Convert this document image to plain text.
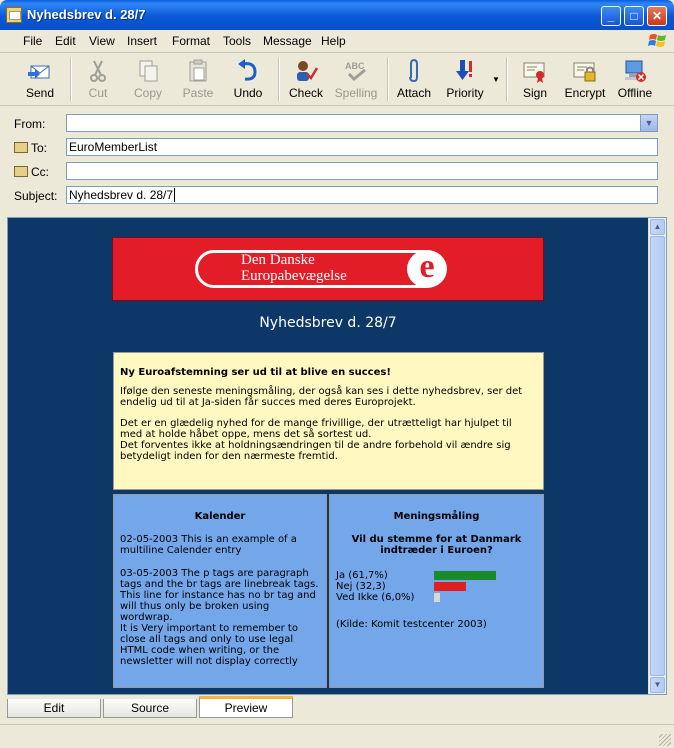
Nyhedsbrev d. 28/7	_	□	✕
File Edit View Insert Format Tools Message Help
Send	Cut	Copy	Paste	Undo	Check
ABC
Spelling Attach Priority
▼
Sign	Encrypt	Offline
From:

	▼

To: EuroMemberList
Cc:
Subject: Nyhedsbrev d. 28/7
Den Danske
Europabevægelse	e
Nyhedsbrev d. 28/7
Ny Euroafstemning ser ud til at blive en succes!

Ifølge den seneste meningsmåling, der også kan ses i dette nyhedsbrev, ser det endelig ud til at Ja-siden får succes med deres Europrojekt.

Det er en glædelig nyhed for de mange frivillige, der utrætteligt har hjulpet til med at holde håbet oppe, mens det så sortest ud.

Det forventes ikke at holdningsændringen til de andre forbehold vil ændre sig betydeligt inden for den nærmeste fremtid.

Kalender

02-05-2003 This is an example of a multiline Calender entry

03-05-2003 The p tags are paragraph tags and the br tags are linebreak tags. This line for instance has no br tag and will thus only be broken using wordwrap.

It is Very important to remember to close all tags and only to use legal HTML code when writing, or the newsletter will not display correctly

Meningsmåling
Vil du stemme for at Danmark indtræder i Euroen?
Ja (61,7%)
Nej (32,3)
Ved Ikke (6,0%)
(Kilde: Komit testcenter 2003)
▲
▼
Edit	Source	Preview
